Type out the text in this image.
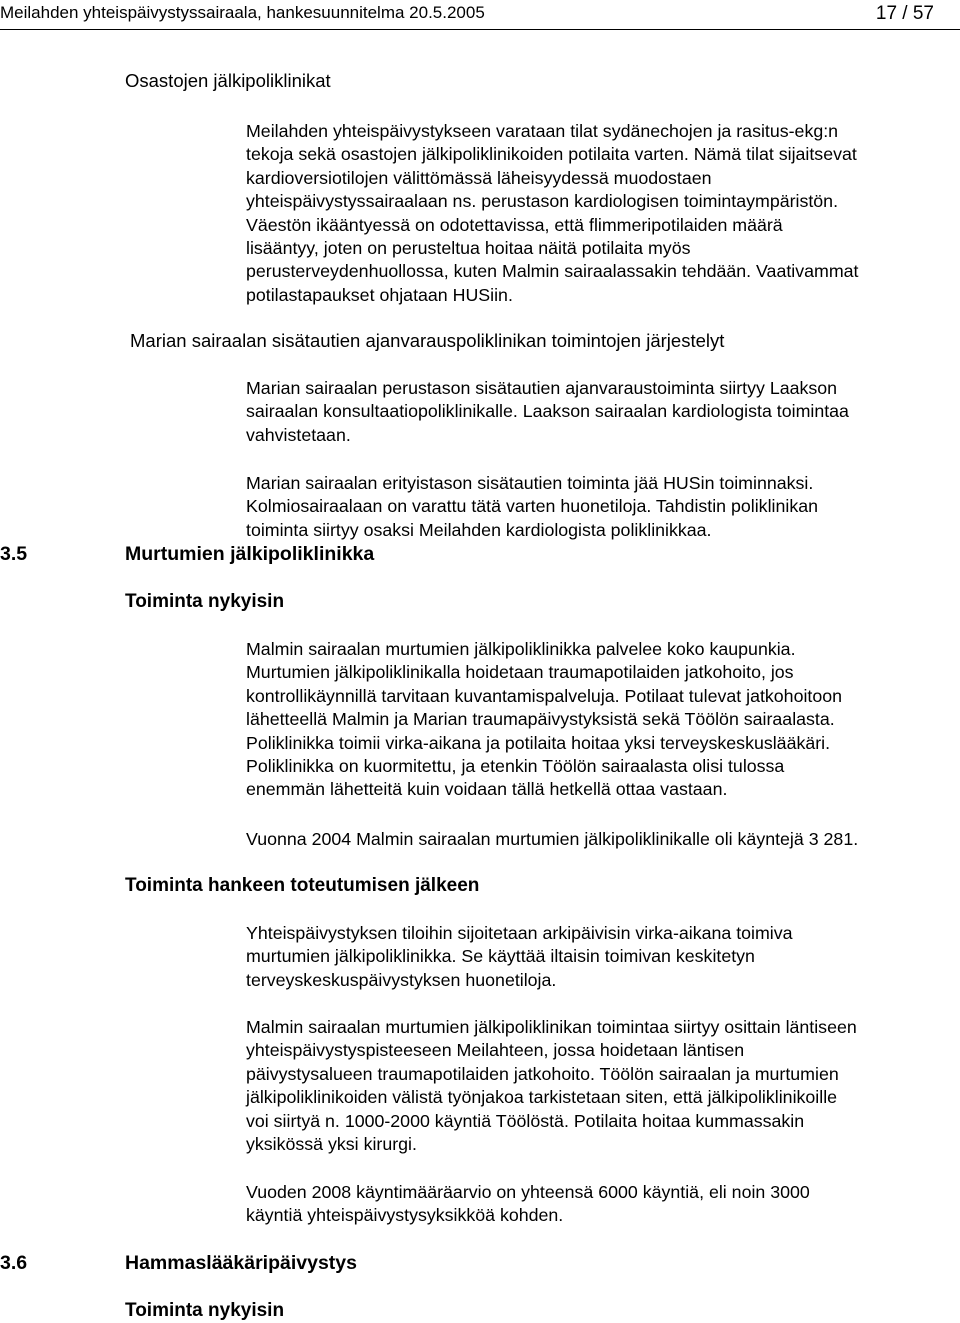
Meilahden yhteispäivystyssairaala, hankesuunnitelma 20.5.2005	17 / 57
Osastojen jälkipoliklinikat

Meilahden yhteispäivystykseen varataan tilat sydänechojen ja rasitus-ekg:n
tekoja sekä osastojen jälkipoliklinikoiden potilaita varten. Nämä tilat sijaitsevat
kardioversiotilojen välittömässä läheisyydessä muodostaen
yhteispäivystyssairaalaan ns. perustason kardiologisen toimintaympäristön.
Väestön ikääntyessä on odotettavissa, että flimmeripotilaiden määrä
lisääntyy, joten on perusteltua hoitaa näitä potilaita myös
perusterveydenhuollossa, kuten Malmin sairaalassakin tehdään. Vaativammat
potilastapaukset ohjataan HUSiin.

Marian sairaalan sisätautien ajanvarauspoliklinikan toimintojen järjestelyt

Marian sairaalan perustason sisätautien ajanvaraustoiminta siirtyy Laakson
sairaalan konsultaatiopoliklinikalle. Laakson sairaalan kardiologista toimintaa
vahvistetaan.

Marian sairaalan erityistason sisätautien toiminta jää HUSin toiminnaksi.
Kolmiosairaalaan on varattu tätä varten huonetiloja. Tahdistin poliklinikan
toiminta siirtyy osaksi Meilahden kardiologista poliklinikkaa.

3.5	Murtumien jälkipoliklinikka
Toiminta nykyisin

Malmin sairaalan murtumien jälkipoliklinikka palvelee koko kaupunkia.
Murtumien jälkipoliklinikalla hoidetaan traumapotilaiden jatkohoito, jos
kontrollikäynnillä tarvitaan kuvantamispalveluja. Potilaat tulevat jatkohoitoon
lähetteellä Malmin ja Marian traumapäivystyksistä sekä Töölön sairaalasta.
Poliklinikka toimii virka-aikana ja potilaita hoitaa yksi terveyskeskuslääkäri.
Poliklinikka on kuormitettu, ja etenkin Töölön sairaalasta olisi tulossa
enemmän lähetteitä kuin voidaan tällä hetkellä ottaa vastaan.

Vuonna 2004 Malmin sairaalan murtumien jälkipoliklinikalle oli käyntejä 3 281.

Toiminta hankeen toteutumisen jälkeen

Yhteispäivystyksen tiloihin sijoitetaan arkipäivisin virka-aikana toimiva
murtumien jälkipoliklinikka. Se käyttää iltaisin toimivan keskitetyn
terveyskeskuspäivystyksen huonetiloja.

Malmin sairaalan murtumien jälkipoliklinikan toimintaa siirtyy osittain läntiseen
yhteispäivystyspisteeseen Meilahteen, jossa hoidetaan läntisen
päivystysalueen traumapotilaiden jatkohoito. Töölön sairaalan ja murtumien
jälkipoliklinikoiden välistä työnjakoa tarkistetaan siten, että jälkipoliklinikoille
voi siirtyä n. 1000-2000 käyntiä Töölöstä. Potilaita hoitaa kummassakin
yksikössä yksi kirurgi.

Vuoden 2008 käyntimääräarvio on yhteensä 6000 käyntiä, eli noin 3000
käyntiä yhteispäivystysyksikköä kohden.

3.6	Hammaslääkäripäivystys
Toiminta nykyisin
